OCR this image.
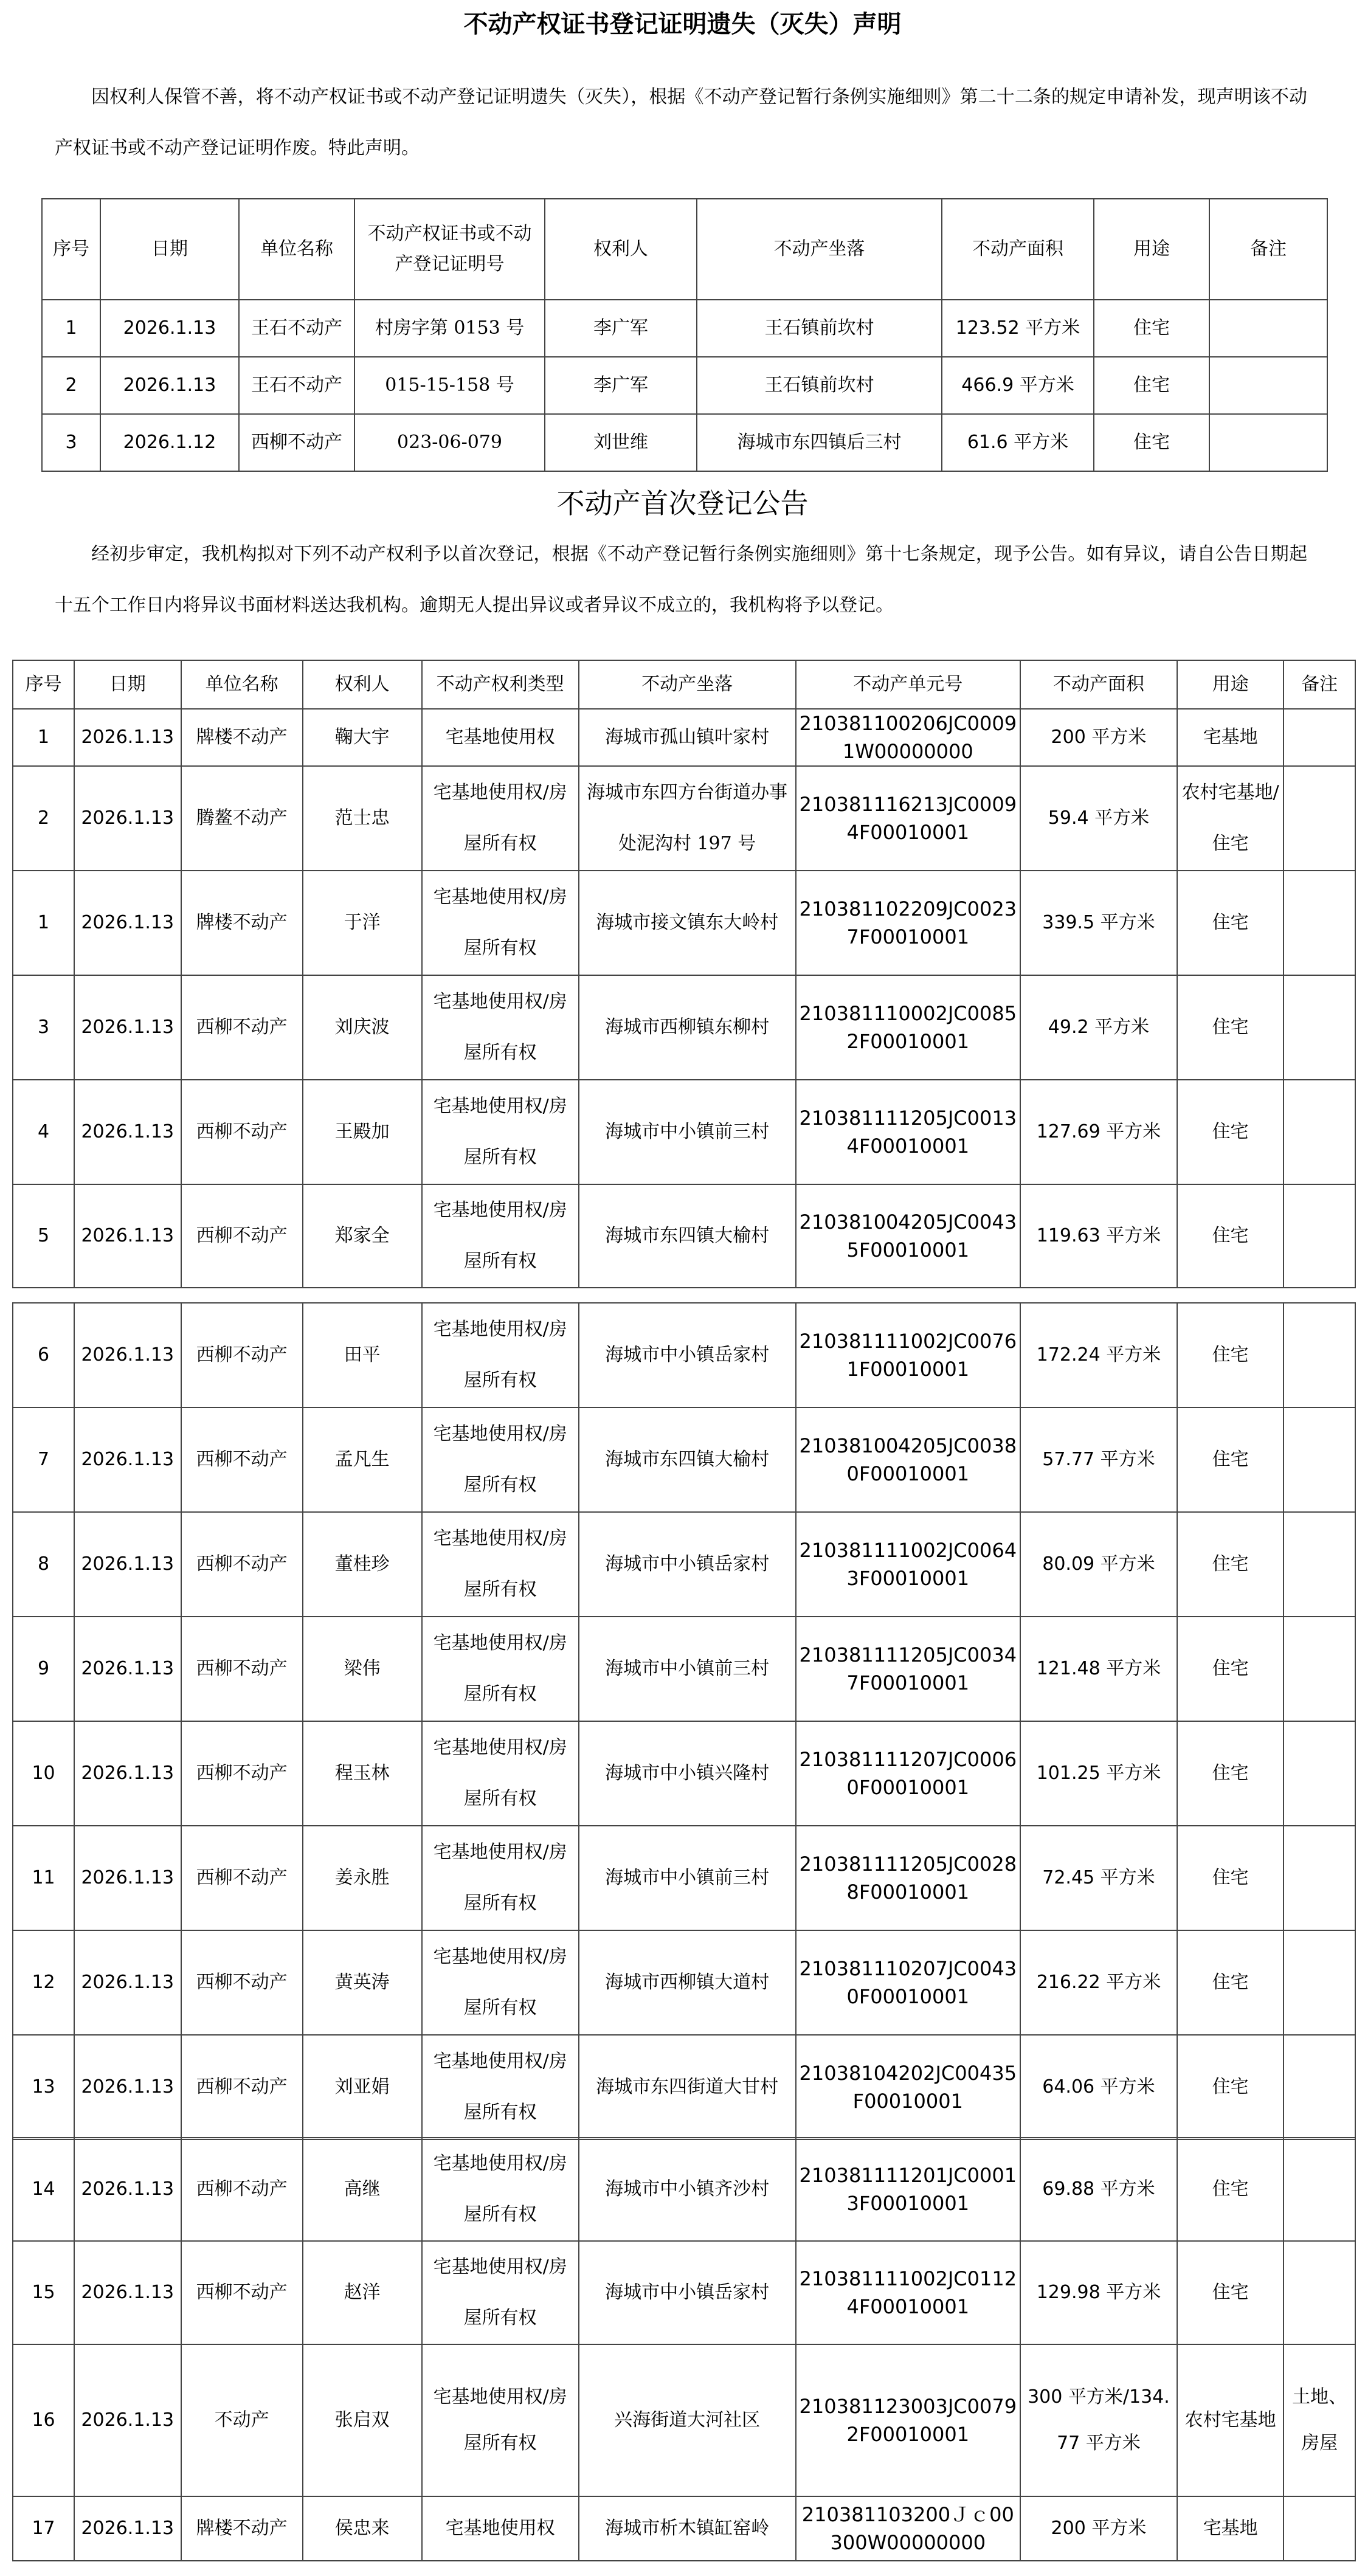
不动产权证书登记证明遗失（灭失）声明
因权利人保管不善，将不动产权证书或不动产登记证明遗失（灭失），根据《不动产登记暂行条例实施细则》第二十二条的规定申请补发，现声明该不动产权证书或不动产登记证明作废。特此声明。
序号	日期	单位名称	不动产权证书或不动产登记证明号	权利人	不动产坐落	不动产面积	用途	备注
1	2026.1.13	王石不动产	村房字第 0153 号	李广军	王石镇前坎村	123.52 平方米	住宅	
2	2026.1.13	王石不动产	015-15-158 号	李广军	王石镇前坎村	466.9 平方米	住宅	
3	2026.1.12	西柳不动产	023-06-079	刘世维	海城市东四镇后三村	61.6 平方米	住宅	
不动产首次登记公告
经初步审定，我机构拟对下列不动产权利予以首次登记，根据《不动产登记暂行条例实施细则》第十七条规定，现予公告。如有异议，请自公告日期起十五个工作日内将异议书面材料送达我机构。逾期无人提出异议或者异议不成立的，我机构将予以登记。
序号	日期	单位名称	权利人	不动产权利类型	不动产坐落	不动产单元号	不动产面积	用途	备注
1	2026.1.13	牌楼不动产	鞠大宇	宅基地使用权	海城市孤山镇叶家村	210381100206JC00091W00000000	200 平方米	宅基地	
2	2026.1.13	腾鳌不动产	范士忠	宅基地使用权/房屋所有权	海城市东四方台街道办事处泥沟村 197 号	210381116213JC00094F00010001	59.4 平方米	农村宅基地/住宅	
1	2026.1.13	牌楼不动产	于洋	宅基地使用权/房屋所有权	海城市接文镇东大岭村	210381102209JC00237F00010001	339.5 平方米	住宅	
3	2026.1.13	西柳不动产	刘庆波	宅基地使用权/房屋所有权	海城市西柳镇东柳村	210381110002JC00852F00010001	49.2 平方米	住宅	
4	2026.1.13	西柳不动产	王殿加	宅基地使用权/房屋所有权	海城市中小镇前三村	210381111205JC00134F00010001	127.69 平方米	住宅	
5	2026.1.13	西柳不动产	郑家全	宅基地使用权/房屋所有权	海城市东四镇大榆村	210381004205JC00435F00010001	119.63 平方米	住宅	
6	2026.1.13	西柳不动产	田平	宅基地使用权/房屋所有权	海城市中小镇岳家村	210381111002JC00761F00010001	172.24 平方米	住宅	
7	2026.1.13	西柳不动产	孟凡生	宅基地使用权/房屋所有权	海城市东四镇大榆村	210381004205JC00380F00010001	57.77 平方米	住宅	
8	2026.1.13	西柳不动产	董桂珍	宅基地使用权/房屋所有权	海城市中小镇岳家村	210381111002JC00643F00010001	80.09 平方米	住宅	
9	2026.1.13	西柳不动产	梁伟	宅基地使用权/房屋所有权	海城市中小镇前三村	210381111205JC00347F00010001	121.48 平方米	住宅	
10	2026.1.13	西柳不动产	程玉林	宅基地使用权/房屋所有权	海城市中小镇兴隆村	210381111207JC00060F00010001	101.25 平方米	住宅	
11	2026.1.13	西柳不动产	姜永胜	宅基地使用权/房屋所有权	海城市中小镇前三村	210381111205JC00288F00010001	72.45 平方米	住宅	
12	2026.1.13	西柳不动产	黄英涛	宅基地使用权/房屋所有权	海城市西柳镇大道村	210381110207JC00430F00010001	216.22 平方米	住宅	
13	2026.1.13	西柳不动产	刘亚娟	宅基地使用权/房屋所有权	海城市东四街道大甘村	21038104202JC00435F00010001	64.06 平方米	住宅	
14	2026.1.13	西柳不动产	高继	宅基地使用权/房屋所有权	海城市中小镇齐沙村	210381111201JC00013F00010001	69.88 平方米	住宅	
15	2026.1.13	西柳不动产	赵洋	宅基地使用权/房屋所有权	海城市中小镇岳家村	210381111002JC01124F00010001	129.98 平方米	住宅	
16	2026.1.13	不动产	张启双	宅基地使用权/房屋所有权	兴海街道大河社区	210381123003JC00792F00010001	300 平方米/134.77 平方米	农村宅基地	土地、房屋
17	2026.1.13	牌楼不动产	侯忠来	宅基地使用权	海城市析木镇缸窑岭	210381103200Ｊｃ00300W00000000	200 平方米	宅基地	
